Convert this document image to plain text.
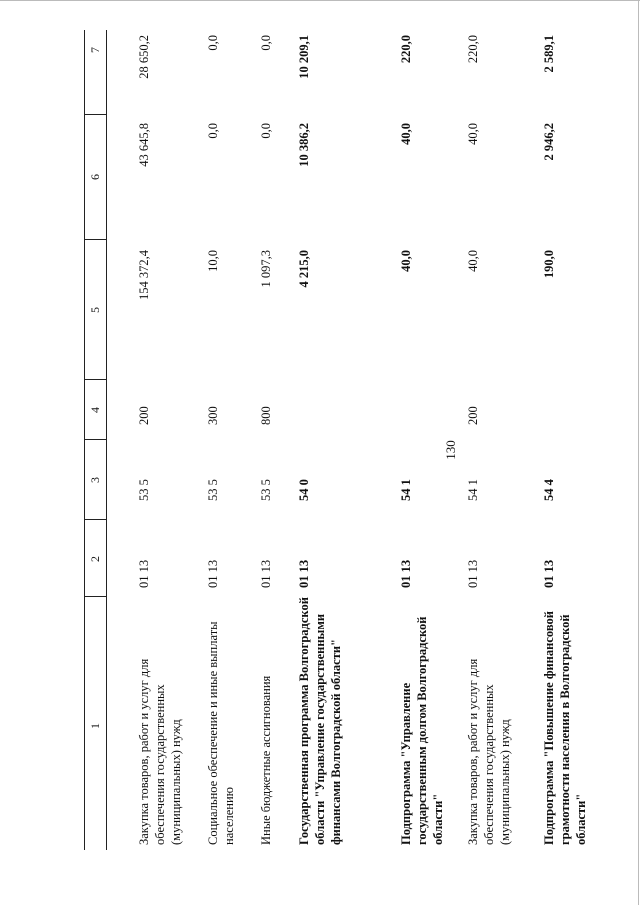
130
1
2
3
4
5
6
7
Закупка товаров, работ и услуг для обеспечения государственных (муниципальных) нужд
01 13
53 5
200
154 372,4
43 645,8
28 650,2
Социальное обеспечение и иные выплаты населению
01 13
53 5
300
10,0
0,0
0,0
Иные бюджетные ассигнования
01 13
53 5
800
1 097,3
0,0
0,0
Государственная программа Волгоградской области "Управление государственными финансами Волгоградской области"
01 13
54 0
4 215,0
10 386,2
10 209,1
Подпрограмма "Управление государственным долгом Волгоградской области"
01 13
54 1
40,0
40,0
220,0
Закупка товаров, работ и услуг для обеспечения государственных (муниципальных) нужд
01 13
54 1
200
40,0
40,0
220,0
Подпрограмма "Повышение финансовой грамотности населения в Волгоградской области"
01 13
54 4
190,0
2 946,2
2 589,1
